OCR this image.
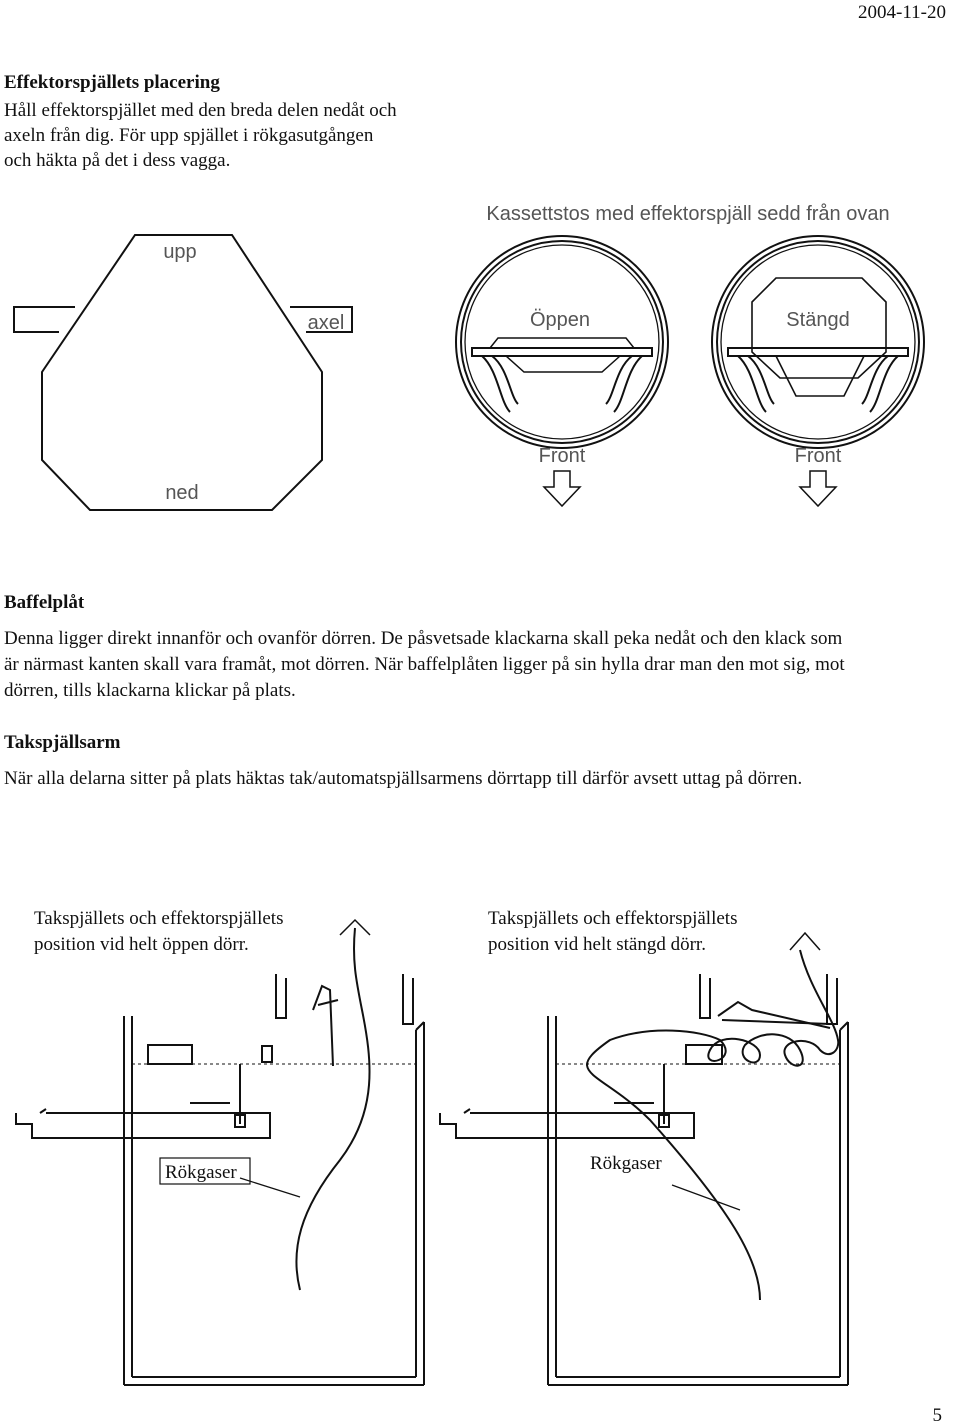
2004-11-20
Effektorspjällets placering
Håll effektorspjället med den breda delen nedåt och
axeln från dig. För upp spjället i rökgasutgången
och häkta på det i dess vagga.
Baffelplåt
Denna ligger direkt innanför och ovanför dörren. De påsvetsade klackarna skall peka nedåt och den klack som
är närmast kanten skall vara framåt, mot dörren. När baffelplåten ligger på sin hylla drar man den mot sig, mot
dörren, tills klackarna klickar på plats.
Takspjällsarm
När alla delarna sitter på plats häktas tak/automatspjällsarmens dörrtapp till därför avsett uttag på dörren.
5
upp
axel
ned
Kassettstos med effektorspjäll sedd från ovan
Öppen	Stängd
Front	Front
Takspjällets och effektorspjällets
position vid helt öppen dörr.
Rökgaser
Takspjällets och effektorspjällets
position vid helt stängd dörr.
Rökgaser
